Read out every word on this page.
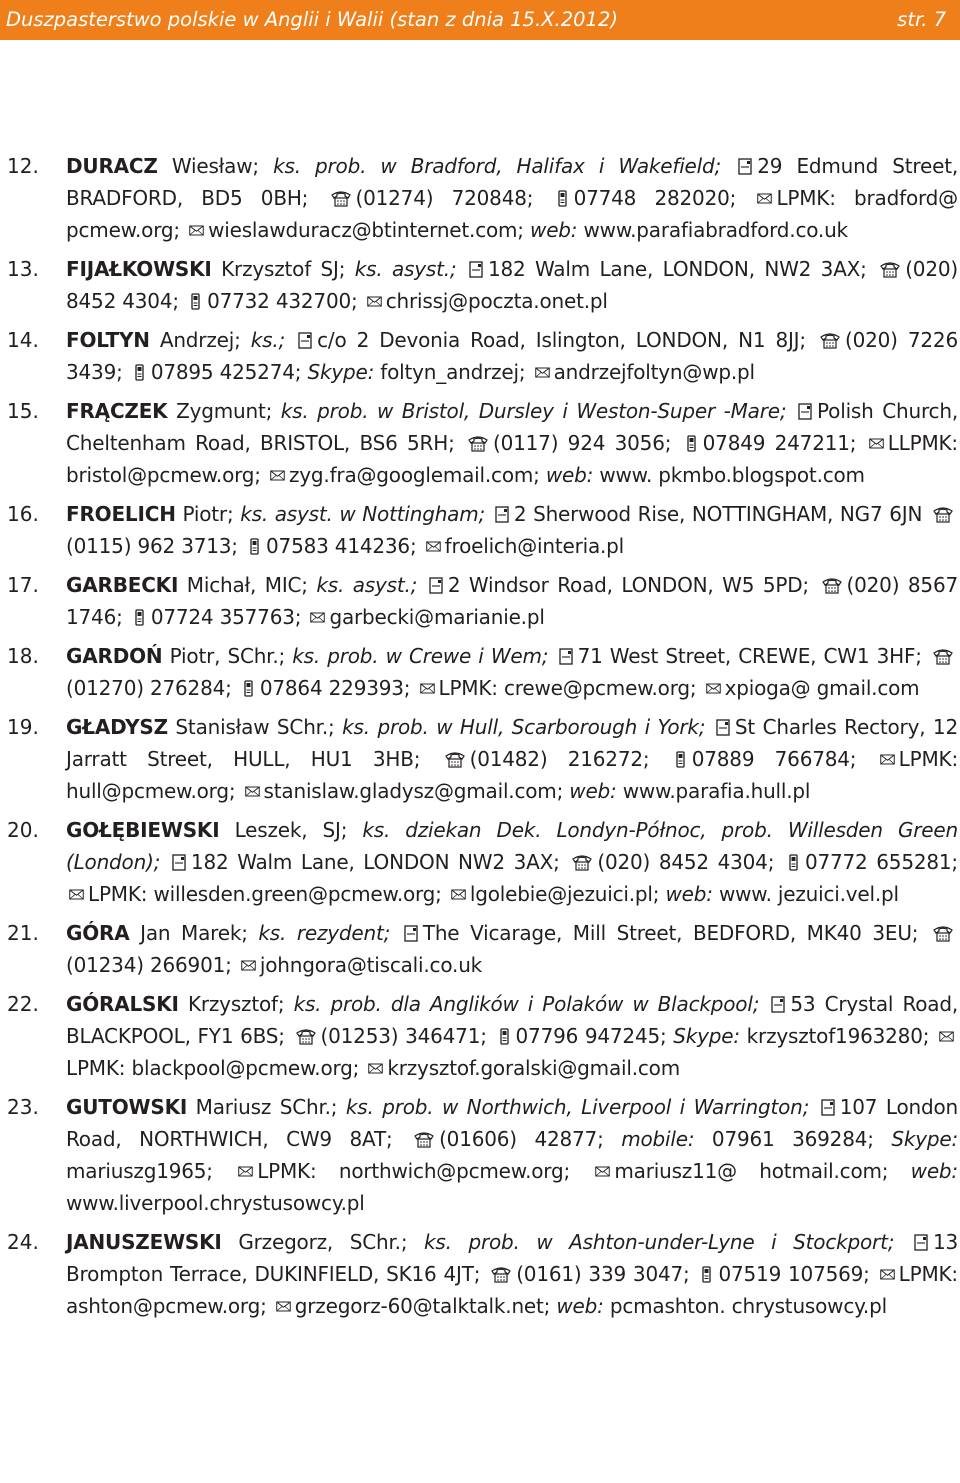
Duszpasterstwo polskie w Anglii i Walii (stan z dnia 15.X.2012)	str. 7
12. DURACZ Wiesław; ks. prob. w Bradford, Halifax i Wakefield; 29 Edmund Street, BRADFORD, BD5 0BH; (01274) 720848; 07748 282020; LPMK: bradford@ pcmew.org; wieslawduracz@btinternet.com; web: www.parafiabradford.co.uk
13. FIJAŁKOWSKI Krzysztof SJ; ks. asyst.; 182 Walm Lane, LONDON, NW2 3AX; (020) 8452 4304; 07732 432700; chrissj@poczta.onet.pl
14. FOLTYN Andrzej; ks.; c/o 2 Devonia Road, Islington, LONDON, N1 8JJ; (020) 7226 3439; 07895 425274; Skype: foltyn_andrzej; andrzejfoltyn@wp.pl
15. FRĄCZEK Zygmunt; ks. prob. w Bristol, Dursley i Weston-Super -Mare; Polish Church, Cheltenham Road, BRISTOL, BS6 5RH; (0117) 924 3056; 07849 247211; LLPMK: bristol@pcmew.org; zyg.fra@googlemail.com; web: www. pkmbo.blogspot.com
16. FROELICH Piotr; ks. asyst. w Nottingham; 2 Sherwood Rise, NOTTINGHAM, NG7 6JN
(0115) 962 3713; 07583 414236; froelich@interia.pl
17. GARBECKI Michał, MIC; ks. asyst.; 2 Windsor Road, LONDON, W5 5PD; (020) 8567 1746; 07724 357763; garbecki@marianie.pl
18. GARDOŃ Piotr, SChr.; ks. prob. w Crewe i Wem; 71 West Street, CREWE, CW1 3HF;
(01270) 276284; 07864 229393; LPMK: crewe@pcmew.org; xpioga@ gmail.com
19. GŁADYSZ Stanisław SChr.; ks. prob. w Hull, Scarborough i York; St Charles Rectory, 12 Jarratt Street, HULL, HU1 3HB; (01482) 216272; 07889 766784; LPMK: hull@pcmew.org; stanislaw.gladysz@gmail.com; web: www.parafia.hull.pl
20. GOŁĘBIEWSKI Leszek, SJ; ks. dziekan Dek. Londyn-Północ, prob. Willesden Green (London); 182 Walm Lane, LONDON NW2 3AX; (020) 8452 4304; 07772 655281;
LPMK: willesden.green@pcmew.org; lgolebie@jezuici.pl; web: www. jezuici.vel.pl
21. GÓRA Jan Marek; ks. rezydent; The Vicarage, Mill Street, BEDFORD, MK40 3EU;
(01234) 266901; johngora@tiscali.co.uk
22. GÓRALSKI Krzysztof; ks. prob. dla Anglików i Polaków w Blackpool; 53 Crystal Road, BLACKPOOL, FY1 6BS; (01253) 346471; 07796 947245; Skype: krzysztof1963280;
LPMK: blackpool@pcmew.org; krzysztof.goralski@gmail.com
23. GUTOWSKI Mariusz SChr.; ks. prob. w Northwich, Liverpool i Warrington; 107 London Road, NORTHWICH, CW9 8AT; (01606) 42877; mobile: 07961 369284; Skype: mariuszg1965; LPMK: northwich@pcmew.org; mariusz11@ hotmail.com; web: www.liverpool.chrystusowcy.pl
24. JANUSZEWSKI Grzegorz, SChr.; ks. prob. w Ashton-under-Lyne i Stockport; 13 Brompton Terrace, DUKINFIELD, SK16 4JT; (0161) 339 3047; 07519 107569; LPMK: ashton@pcmew.org; grzegorz-60@talktalk.net; web: pcmashton. chrystusowcy.pl
